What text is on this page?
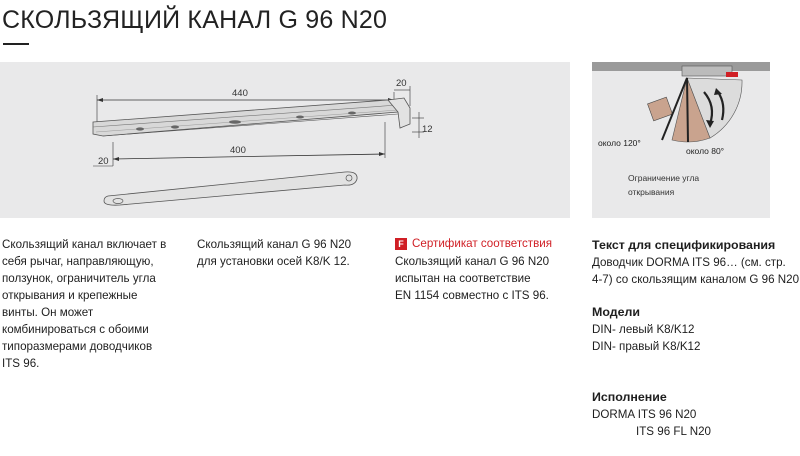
СКОЛЬЗЯЩИЙ КАНАЛ G 96 N20
440
20
12
400
20
около 120°
около 80°
Ограничение угла
открывания
Скользящий канал включает в
себя рычаг, направляющую,
ползунок, ограничитель угла
открывания и крепежные
винты. Он может
комбинироваться с обоими
типоразмерами доводчиков
ITS 96.
Скользящий канал G 96 N20
для установки осей K8/K 12.
F Сертификат соответствия
Скользящий канал G 96 N20
испытан на соответствие
EN 1154 совместно с ITS 96.
Текст для спецификирования
Доводчик DORMA ITS 96… (см. стр.
4-7) со скользящим каналом G 96 N20
Модели
DIN- левый K8/K12
DIN- правый K8/K12
Исполнение
DORMA ITS 96 N20
ITS 96 FL N20
